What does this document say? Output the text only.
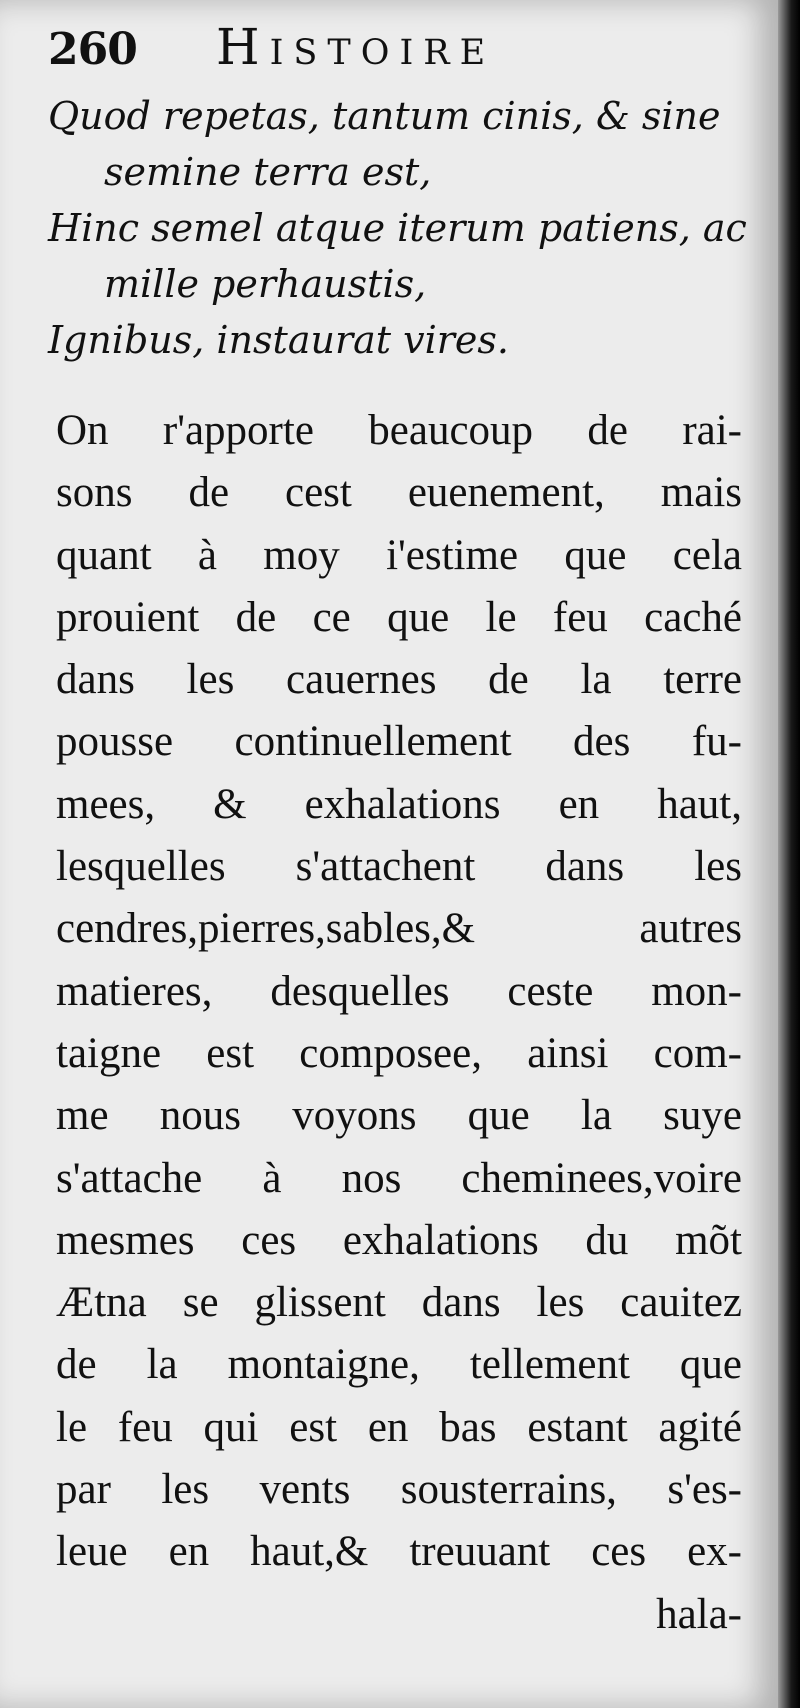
260 Histoire
Quod repetas, tantum cinis, & sine
semine terra est,
Hinc semel atque iterum patiens, ac
mille perhaustis,
Ignibus, instaurat vires.
On r'apporte beaucoup de rai-
sons de cest euenement, mais
quant à moy i'estime que cela
prouient de ce que le feu caché
dans les cauernes de la terre
pousse continuellement des fu-
mees, & exhalations en haut,
lesquelles s'attachent dans les
cendres,pierres,sables,& autres
matieres, desquelles ceste mon-
taigne est composee, ainsi com-
me nous voyons que la suye
s'attache à nos cheminees,voire
mesmes ces exhalations du mõt
Ætna se glissent dans les cauitez
de la montaigne, tellement que
le feu qui est en bas estant agité
par les vents sousterrains, s'es-
leue en haut,& treuuant ces ex-
hala-
